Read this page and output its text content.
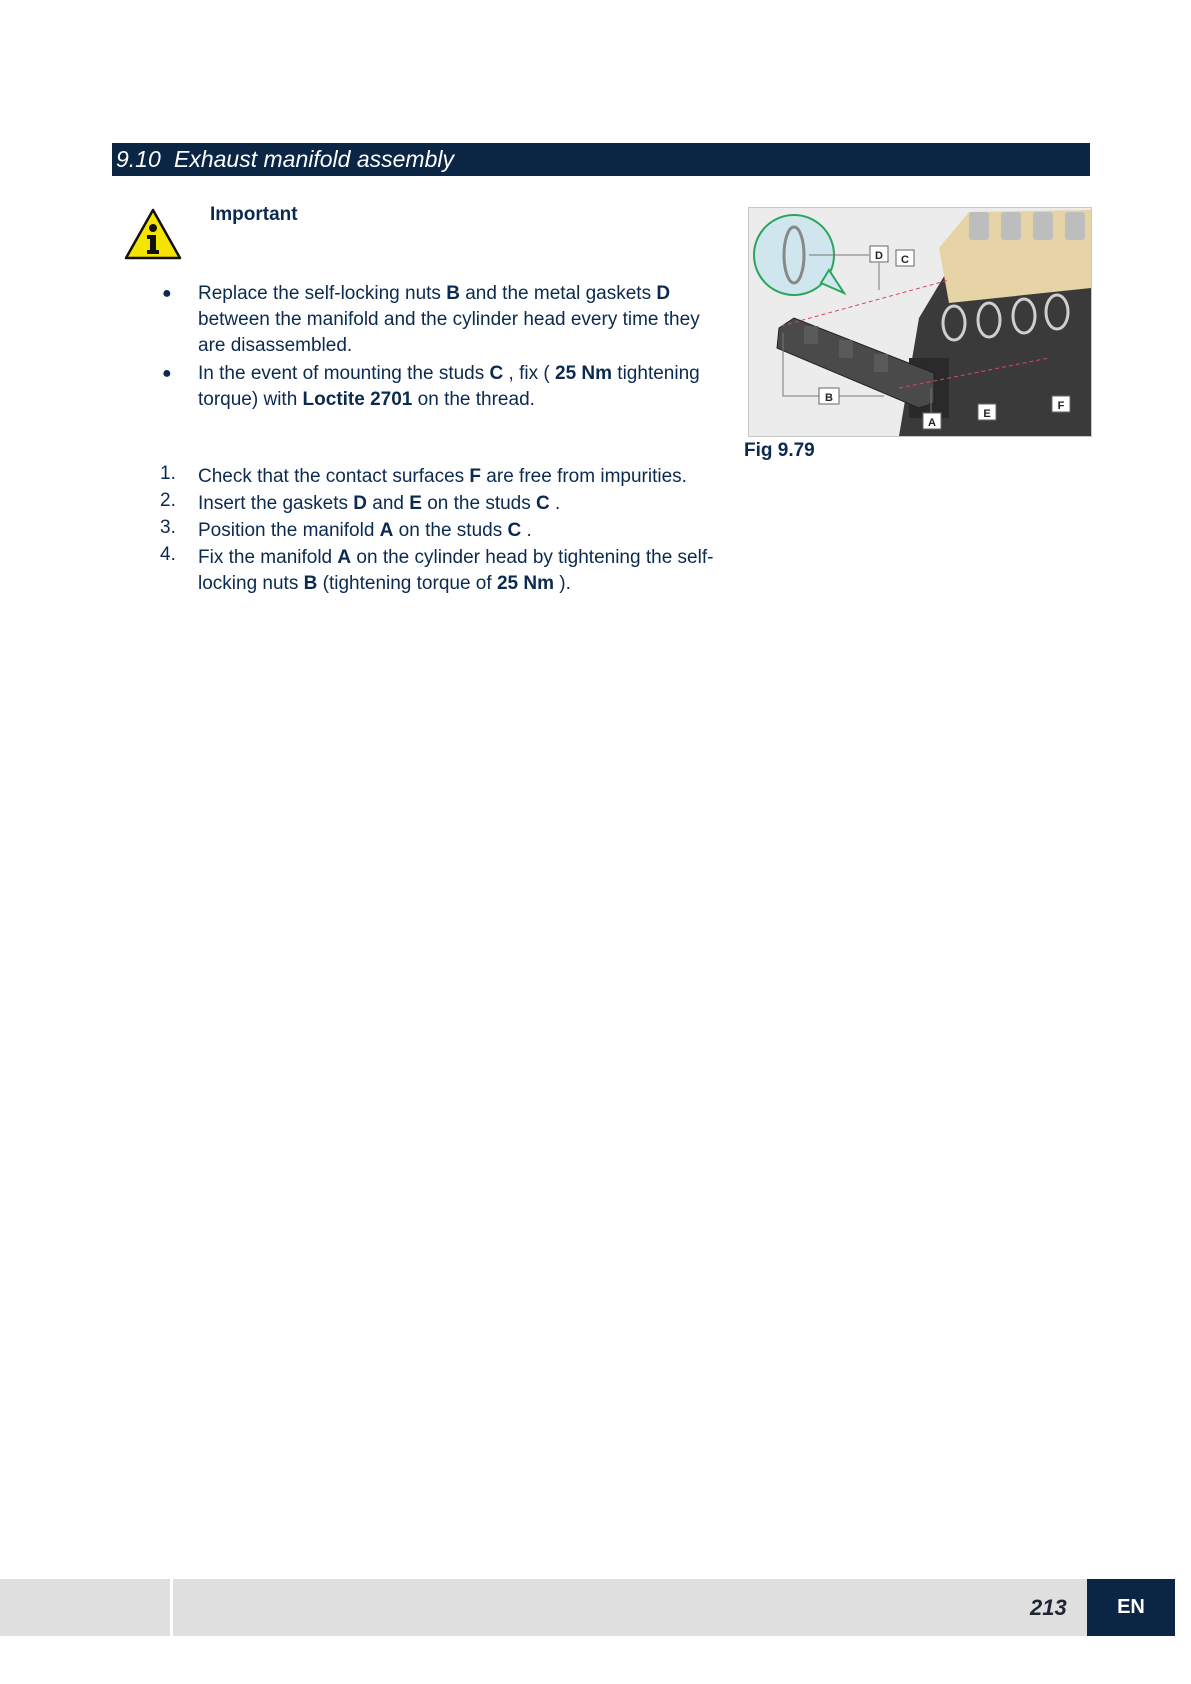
9.10 Exhaust manifold assembly
Important
● Replace the self-locking nuts B and the metal gaskets D between the manifold and the cylinder head every time they are disassembled.
● In the event of mounting the studs C , fix ( 25 Nm tightening torque) with Loctite 2701 on the thread.
1. Check that the contact surfaces F are free from impurities.
2. Insert the gaskets D and E on the studs C .
3. Position the manifold A on the studs C .
4. Fix the manifold A on the cylinder head by tightening the self-locking nuts B (tightening torque of 25 Nm ).
D C
B
A
E
F
Fig 9.79
213	EN
